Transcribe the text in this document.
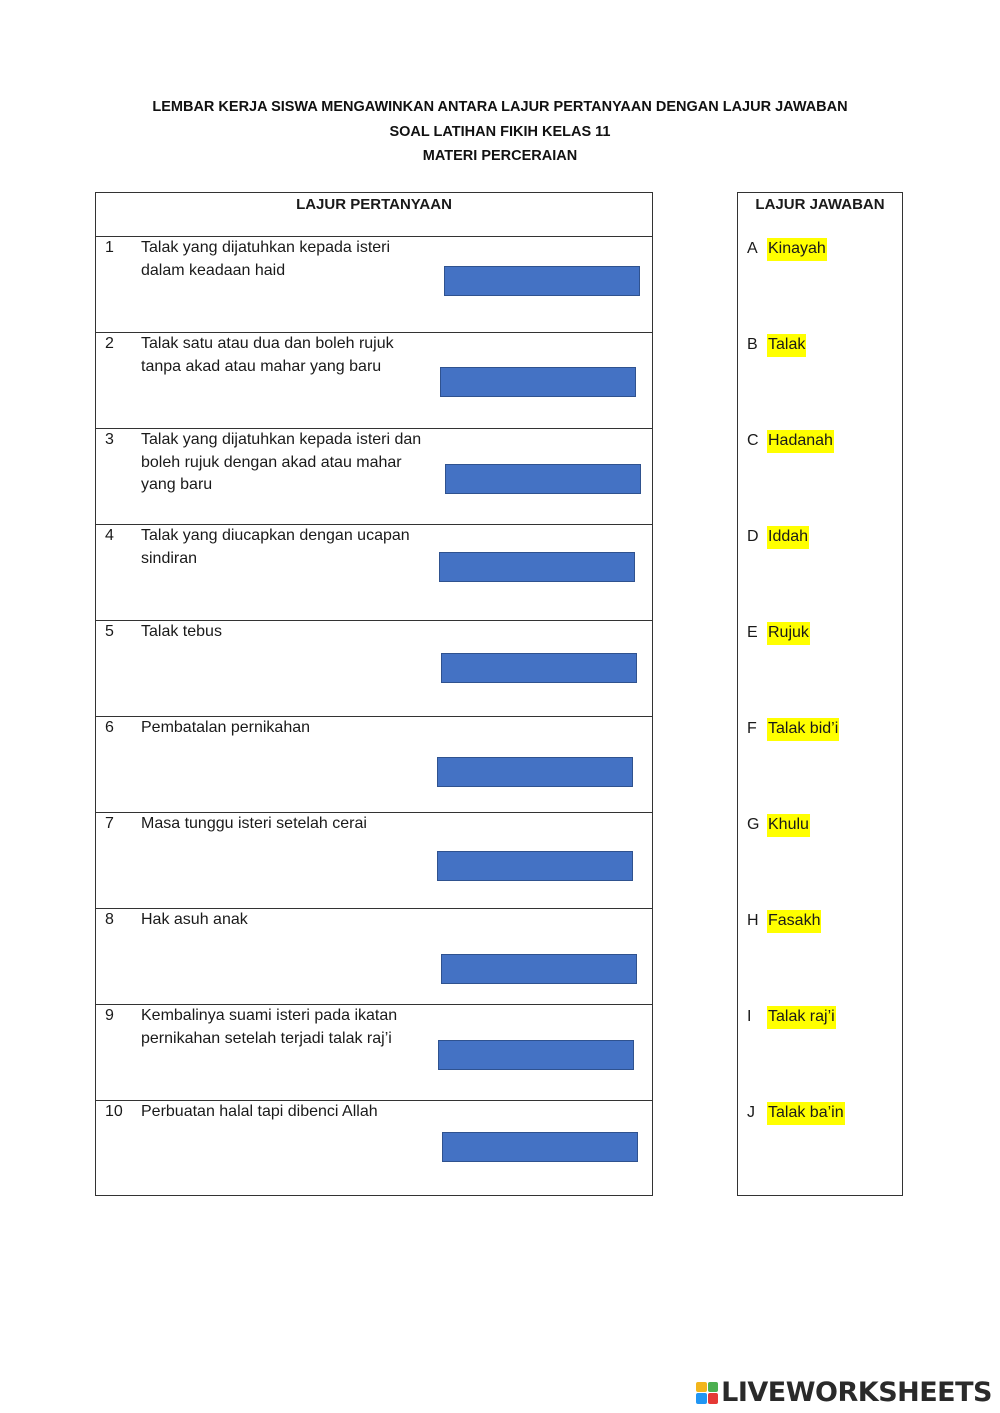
LEMBAR KERJA SISWA MENGAWINKAN ANTARA LAJUR PERTANYAAN DENGAN LAJUR JAWABAN
SOAL LATIHAN FIKIH KELAS 11
MATERI PERCERAIAN
LAJUR PERTANYAAN
1 Talak yang dijatuhkan kepada isteri dalam keadaan haid
2 Talak satu atau dua dan boleh rujuk tanpa akad atau mahar yang baru
3 Talak yang dijatuhkan kepada isteri dan boleh rujuk dengan akad atau mahar yang baru
4 Talak yang diucapkan dengan ucapan sindiran
5 Talak tebus
6 Pembatalan pernikahan
7 Masa tunggu isteri setelah cerai
8 Hak asuh anak
9 Kembalinya suami isteri pada ikatan pernikahan setelah terjadi talak raj’i
10 Perbuatan halal tapi dibenci Allah
LAJUR JAWABAN
A Kinayah
B Talak
C Hadanah
D Iddah
E Rujuk
F Talak bid’i
G Khulu
H Fasakh
I Talak raj’i
J Talak ba’in
LIVEWORKSHEETS
